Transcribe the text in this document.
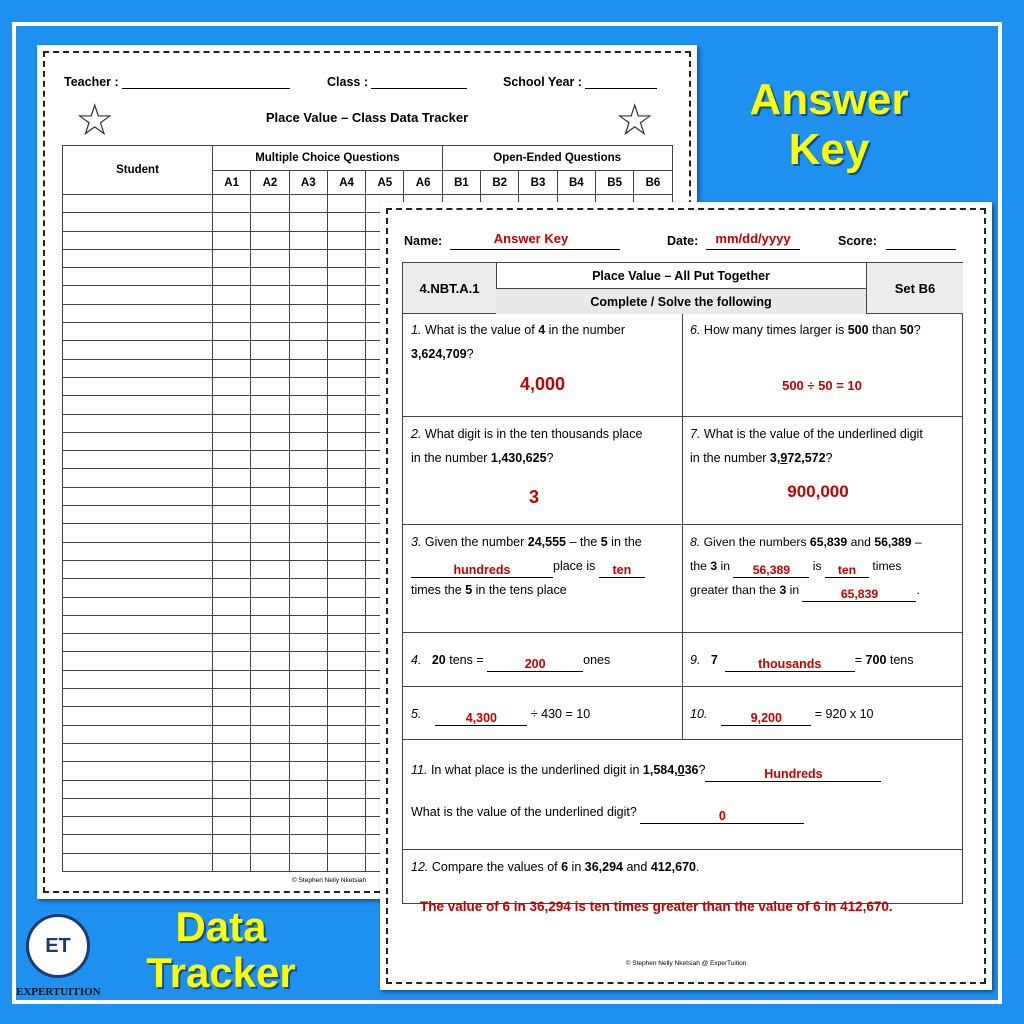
Teacher :	Class :	School Year :
☆	☆
Place Value – Class Data Tracker
Student	Multiple Choice Questions						Open-Ended Questions					
	A1	A2	A3	A4	A5	A6	B1	B2	B3	B4	B5	B6

© Stephen Nelly Nketsiah
Name:	Answer Key	Date:	mm/dd/yyyy	Score:
4.NBT.A.1
Place Value – All Put Together
Complete / Solve the following
Set B6
1. What is the value of 4 in the number
3,624,709?
4,000
6. How many times larger is 500 than 50?
500 ÷ 50 = 10
2. What digit is in the ten thousands place
in the number 1,430,625?
3
7. What is the value of the underlined digit
in the number 3,972,572?
900,000
3. Given the number 24,555 – the 5 in the
hundreds	place is ten
times the 5 in the tens place
8. Given the numbers 65,839 and 56,389 –
the 3 in 56,389 is ten times
greater than the 3 in	65,839	.
4. 20 tens =	200	ones	9. 7	thousands	= 700 tens
5.	4,300 ÷ 430 = 10	10.	9,200 = 920 x 10
11. In what place is the underlined digit in 1,584,036?	Hundreds
What is the value of the underlined digit?	0
12. Compare the values of 6 in 36,294 and 412,670.
The value of 6 in 36,294 is ten times greater than the value of 6 in 412,670.
© Stephen Nelly Nketsiah @ ExperTuition
Answer
Key
Data
Tracker
ET
EXPERTUITION
